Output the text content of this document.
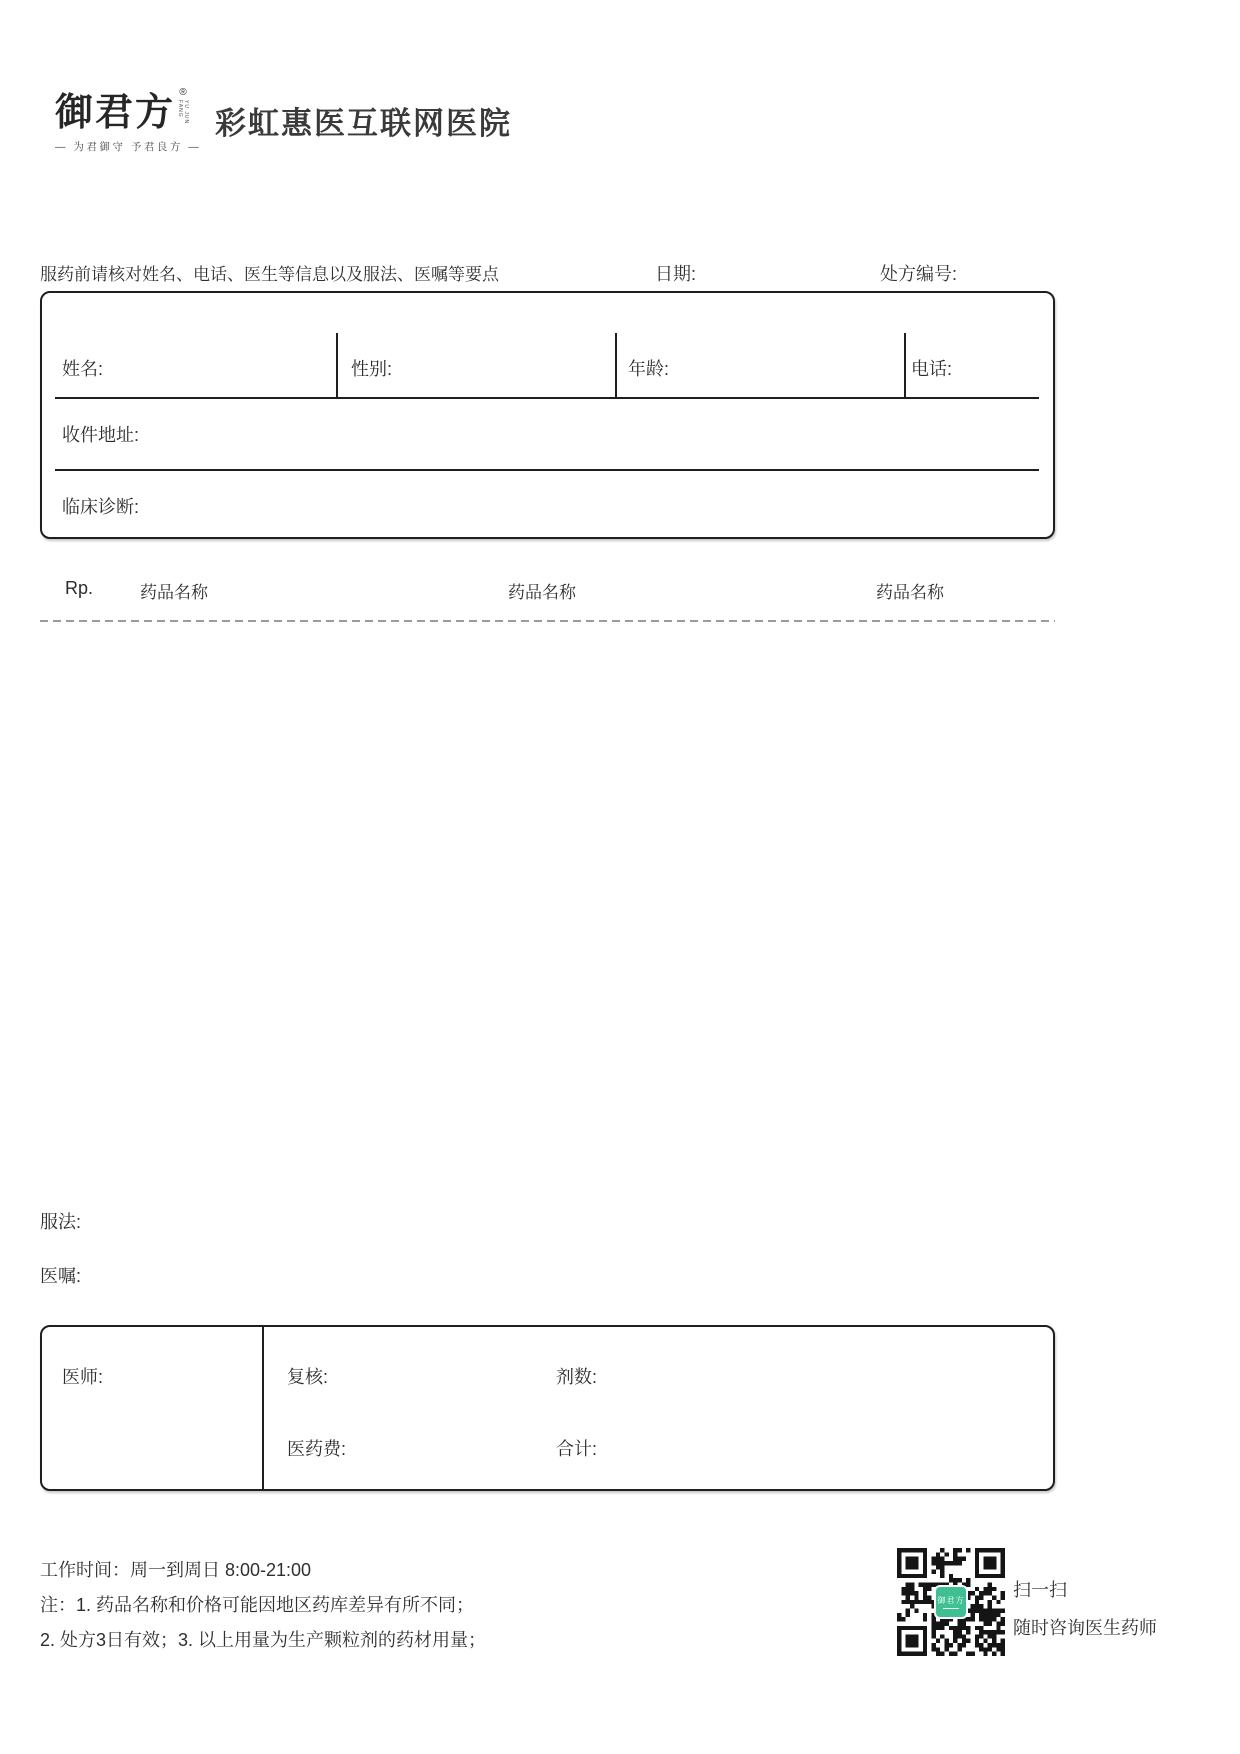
御君方 ®
YU JUN FANG
— 为君御守 予君良方 —
彩虹惠医互联网医院
服药前请核对姓名、电话、医生等信息以及服法、医嘱等要点	日期:	处方编号:
姓名:	性别:	年龄:	电话:
收件地址:
临床诊断:
Rp.	药品名称	药品名称	药品名称
服法:
医嘱:
医师:	复核:	剂数:
医药费:	合计:
工作时间：周一到周日 8:00-21:00
注：1. 药品名称和价格可能因地区药库差异有所不同；
2. 处方3日有效；3. 以上用量为生产颗粒剂的药材用量；
御君方	扫一扫
随时咨询医生药师
